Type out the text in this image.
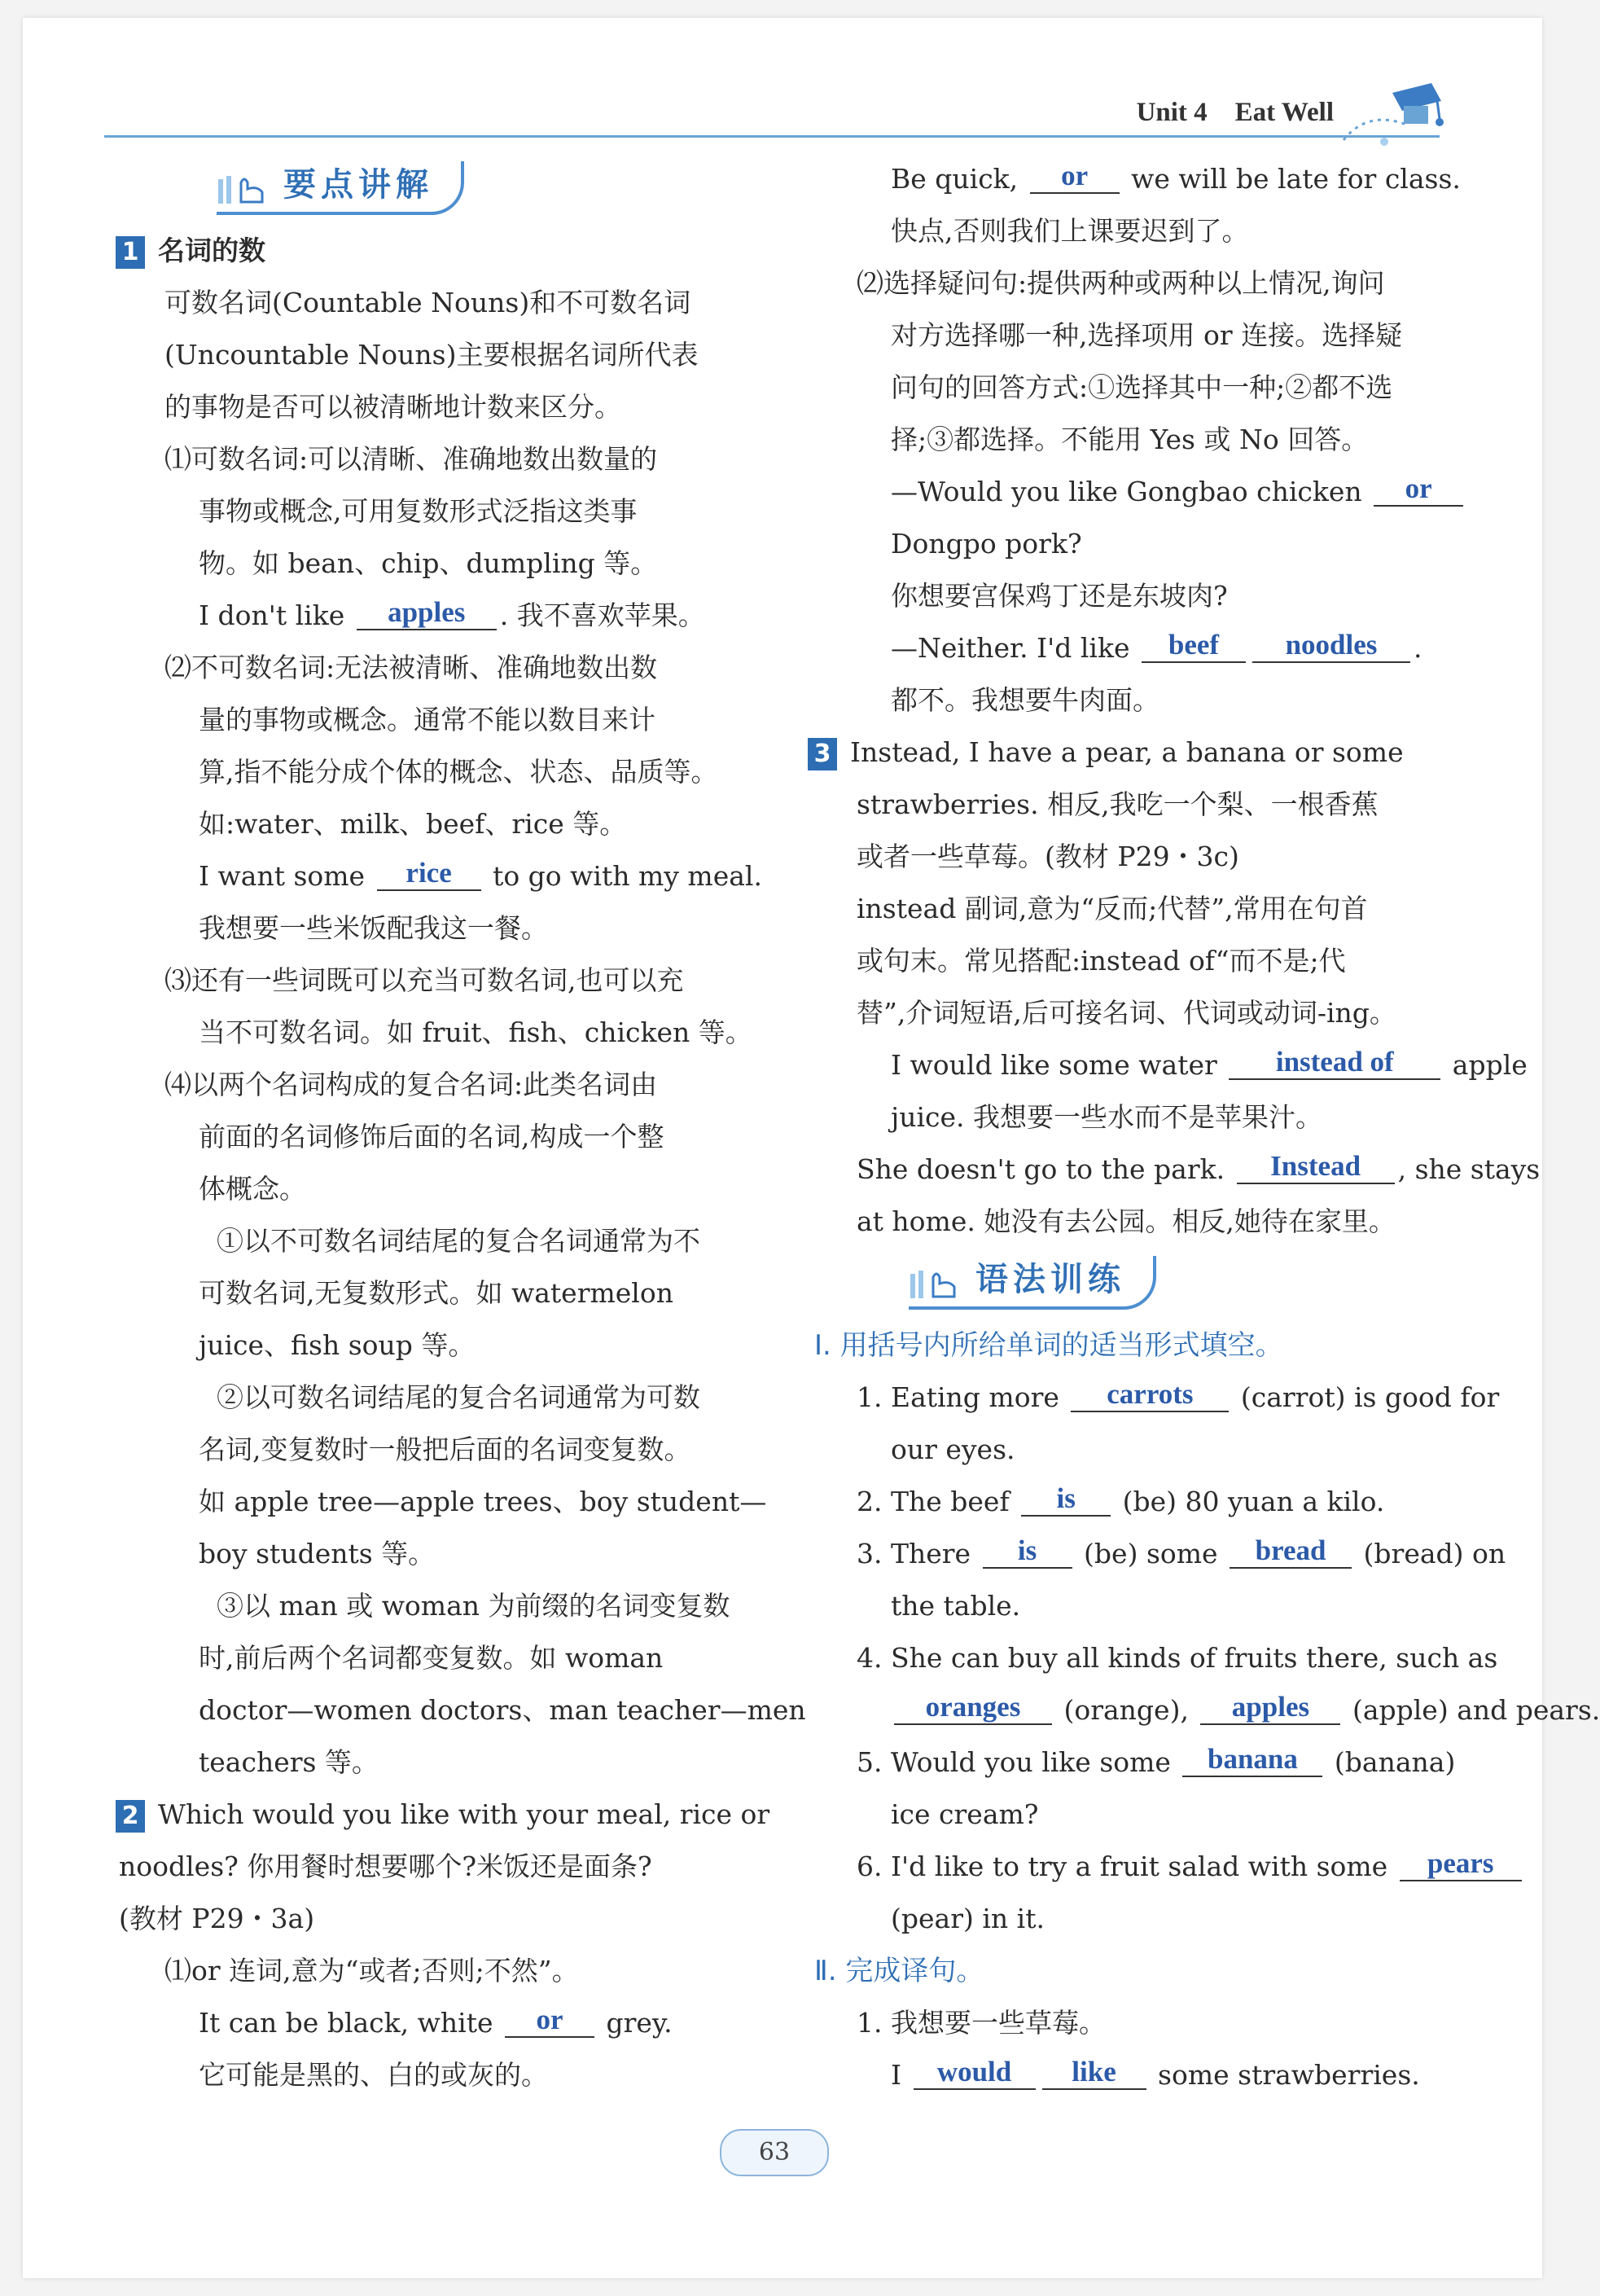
Unit 4 Eat Well
要点讲解
1 名词的数
可数名词(Countable Nouns)和不可数名词
(Uncountable Nouns)主要根据名词所代表
的事物是否可以被清晰地计数来区分。
⑴可数名词:可以清晰、准确地数出数量的
事物或概念,可用复数形式泛指这类事
物。如 bean、chip、dumpling 等。
I don't like apples . 我不喜欢苹果。
⑵不可数名词:无法被清晰、准确地数出数
量的事物或概念。通常不能以数目来计
算,指不能分成个体的概念、状态、品质等。
如:water、milk、beef、rice 等。
I want some rice to go with my meal.
我想要一些米饭配我这一餐。
⑶还有一些词既可以充当可数名词,也可以充
当不可数名词。如 fruit、fish、chicken 等。
⑷以两个名词构成的复合名词:此类名词由
前面的名词修饰后面的名词,构成一个整
体概念。
①以不可数名词结尾的复合名词通常为不
可数名词,无复数形式。如 watermelon
juice、fish soup 等。
②以可数名词结尾的复合名词通常为可数
名词,变复数时一般把后面的名词变复数。
如 apple tree—apple trees、boy student—
boy students 等。
③以 man 或 woman 为前缀的名词变复数
时,前后两个名词都变复数。如 woman
doctor—women doctors、man teacher—men
teachers 等。
2 Which would you like with your meal, rice or
noodles? 你用餐时想要哪个?米饭还是面条?
(教材 P29・3a)
⑴or 连词,意为“或者;否则;不然”。
It can be black, white or grey.
它可能是黑的、白的或灰的。
Be quick, or we will be late for class.
快点,否则我们上课要迟到了。
⑵选择疑问句:提供两种或两种以上情况,询问
对方选择哪一种,选择项用 or 连接。选择疑
问句的回答方式:①选择其中一种;②都不选
择;③都选择。不能用 Yes 或 No 回答。
—Would you like Gongbao chicken or
Dongpo pork?
你想要宫保鸡丁还是东坡肉?
—Neither. I'd like beef noodles .
都不。我想要牛肉面。
3 Instead, I have a pear, a banana or some
strawberries. 相反,我吃一个梨、一根香蕉
或者一些草莓。(教材 P29・3c)
instead 副词,意为“反而;代替”,常用在句首
或句末。常见搭配:instead of“而不是;代
替”,介词短语,后可接名词、代词或动词-ing。
I would like some water instead of apple
juice. 我想要一些水而不是苹果汁。
She doesn't go to the park. Instead , she stays
at home. 她没有去公园。相反,她待在家里。
语法训练
Ⅰ. 用括号内所给单词的适当形式填空。
1. Eating more carrots (carrot) is good for
our eyes.
2. The beef is (be) 80 yuan a kilo.
3. There is (be) some bread (bread) on
the table.
4. She can buy all kinds of fruits there, such as
oranges (orange), apples (apple) and pears.
5. Would you like some banana (banana)
ice cream?
6. I'd like to try a fruit salad with some pears
(pear) in it.
Ⅱ. 完成译句。
1. 我想要一些草莓。
I would like some strawberries.
63
